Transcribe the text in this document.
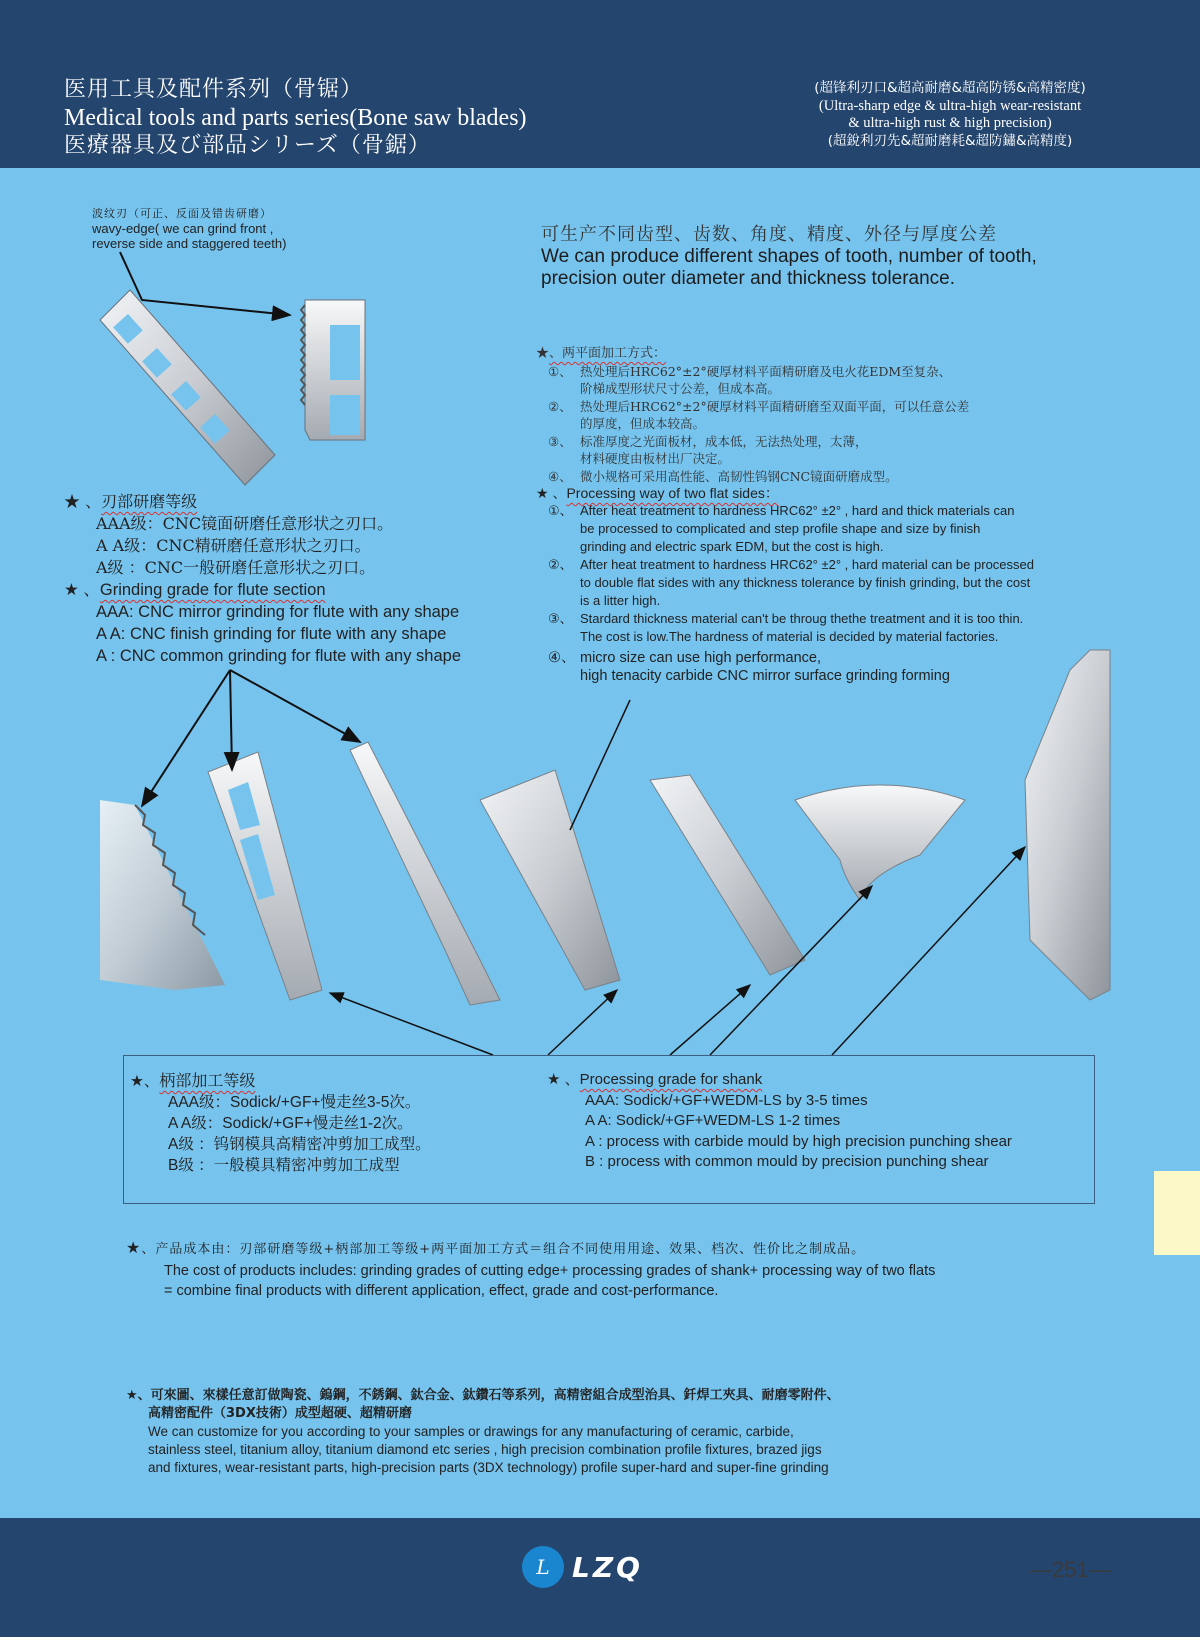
医用工具及配件系列（骨锯）
Medical tools and parts series(Bone saw blades)
医療器具及び部品シリーズ（骨鋸）
(超锋利刃口&超高耐磨&超高防锈&高精密度)
(Ultra-sharp edge & ultra-high wear-resistant
& ultra-high rust & high precision)
(超銳利刃先&超耐磨耗&超防鏽&高精度)
波纹刃（可正、反面及错齿研磨）
wavy-edge( we can grind front ,
reverse side and staggered teeth)	可生产不同齿型、齿数、角度、精度、外径与厚度公差
We can produce different shapes of tooth, number of tooth,
precision outer diameter and thickness tolerance.
★、两平面加工方式：
①、 热处理后HRC62°±2°硬厚材料平面精研磨及电火花EDM至复杂、
阶梯成型形状尺寸公差，但成本高。
②、 热处理后HRC62°±2°硬厚材料平面精研磨至双面平面，可以任意公差
的厚度，但成本较高。
③、 标准厚度之光面板材，成本低，无法热处理，太薄，
材料硬度由板材出厂决定。
④、 微小规格可采用高性能、高韧性钨钢CNC镜面研磨成型。
★ 、Processing way of two flat sides：
①、 After heat treatment to hardness HRC62° ±2° , hard and thick materials can
be processed to complicated and step profile shape and size by finish
grinding and electric spark EDM, but the cost is high.
②、 After heat treatment to hardness HRC62° ±2° , hard material can be processed
to double flat sides with any thickness tolerance by finish grinding, but the cost
is a litter high.
③、 Stardard thickness material can't be throug thethe treatment and it is too thin.
The cost is low.The hardness of material is decided by material factories.
④、 micro size can use high performance,
high tenacity carbide CNC mirror surface grinding forming
★ 、刃部研磨等级
AAA级：CNC镜面研磨任意形状之刃口。
A A级：CNC精研磨任意形状之刃口。
A级 ：CNC一般研磨任意形状之刃口。
★ 、Grinding grade for flute section
AAA: CNC mirror grinding for flute with any shape
A A: CNC finish grinding for flute with any shape
A : CNC common grinding for flute with any shape
★、柄部加工等级
AAA级：Sodick/+GF+慢走丝3-5次。
A A级：Sodick/+GF+慢走丝1-2次。
A级 ：钨钢模具高精密冲剪加工成型。
B级 ：一般模具精密冲剪加工成型
★ 、Processing grade for shank
AAA: Sodick/+GF+WEDM-LS by 3-5 times
A A: Sodick/+GF+WEDM-LS 1-2 times
A : process with carbide mould by high precision punching shear
B : process with common mould by precision punching shear
★、产品成本由：刃部研磨等级+柄部加工等级+两平面加工方式＝组合不同使用用途、效果、档次、性价比之制成品。
The cost of products includes: grinding grades of cutting edge+ processing grades of shank+ processing way of two flats
= combine final products with different application, effect, grade and cost-performance.
★、可來圖、來樣任意訂做陶瓷、鎢鋼，不銹鋼、鈦合金、鈦鑽石等系列，高精密組合成型治具、釺焊工夾具、耐磨零附件、
高精密配件（3DX技術）成型超硬、超精研磨
We can customize for you according to your samples or drawings for any manufacturing of ceramic, carbide,
stainless steel, titanium alloy, titanium diamond etc series , high precision combination profile fixtures, brazed jigs
and fixtures, wear-resistant parts, high-precision parts (3DX technology) profile super-hard and super-fine grinding
L LZQ	—251—
